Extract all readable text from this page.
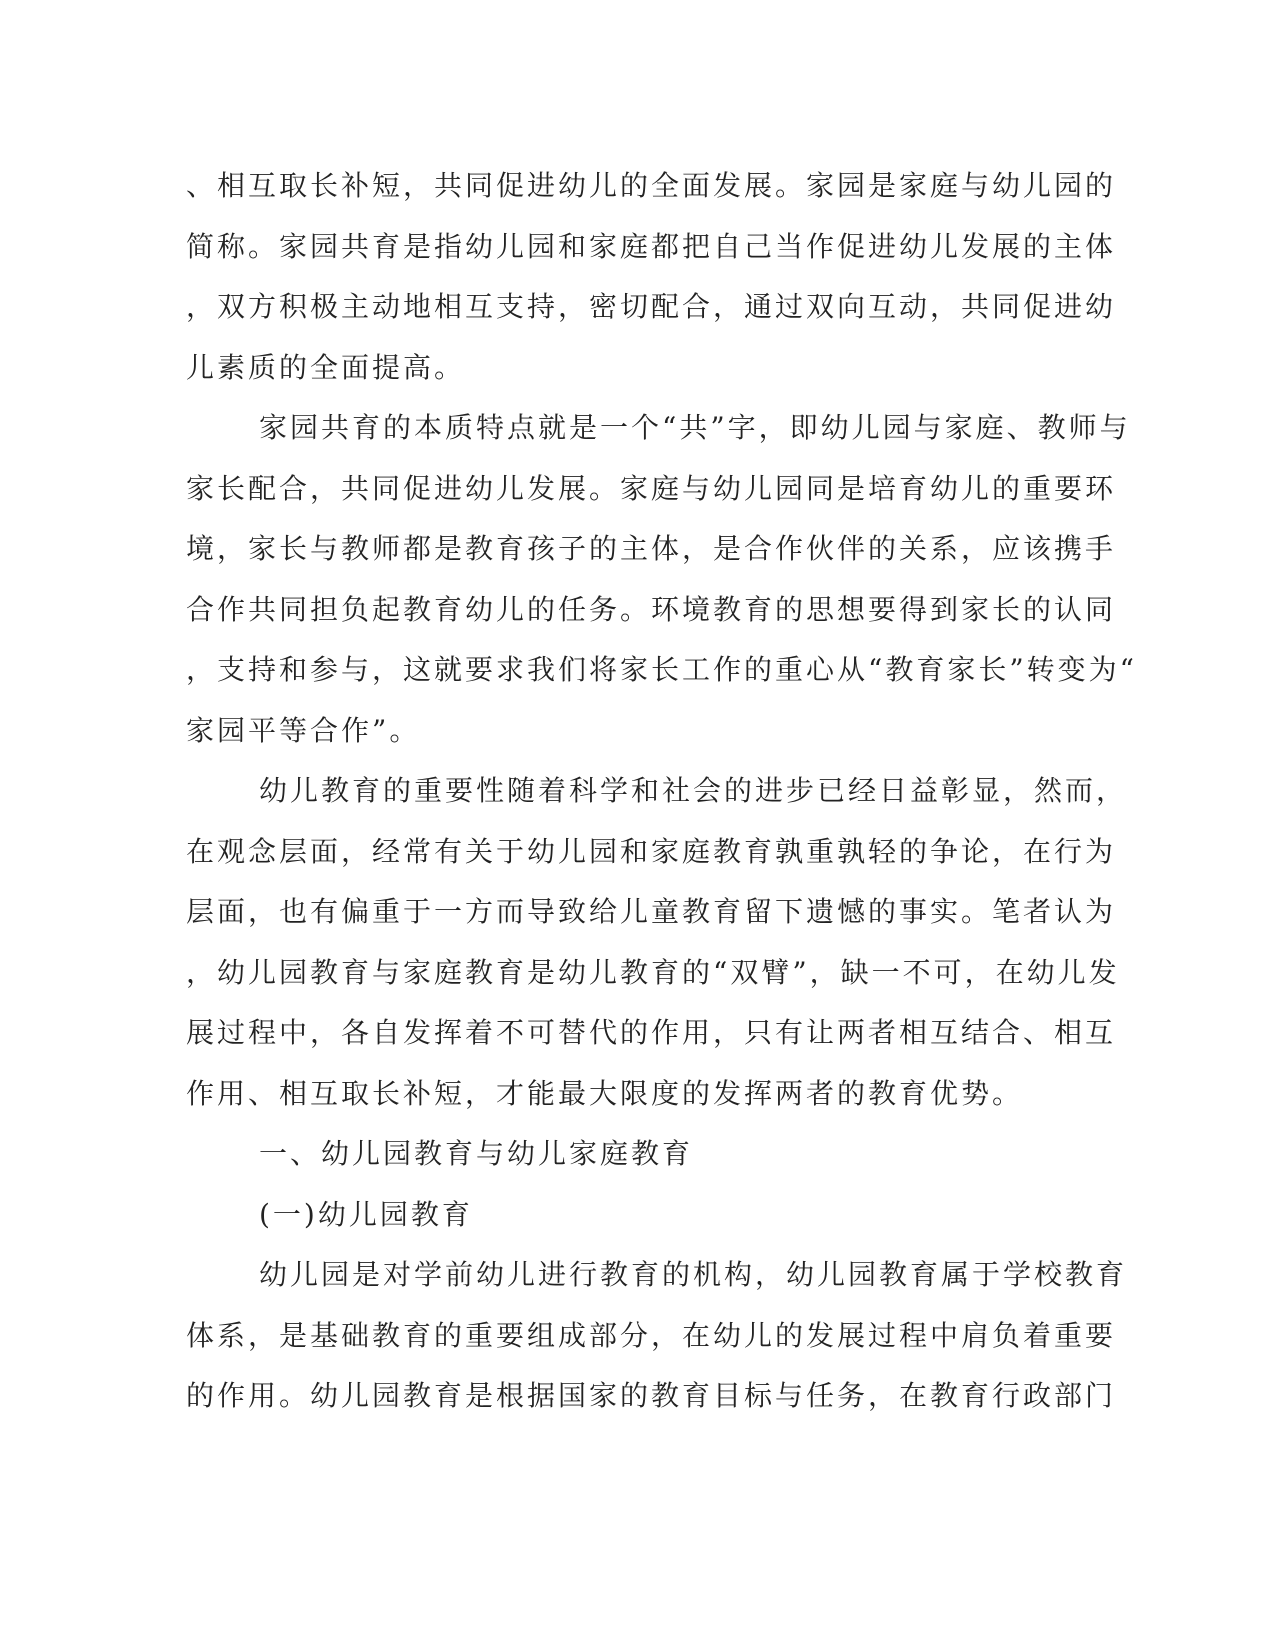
、相互取长补短，共同促进幼儿的全面发展。家园是家庭与幼儿园的
简称。家园共育是指幼儿园和家庭都把自己当作促进幼儿发展的主体
，双方积极主动地相互支持，密切配合，通过双向互动，共同促进幼
儿素质的全面提高。
家园共育的本质特点就是一个“共”字，即幼儿园与家庭、教师与
家长配合，共同促进幼儿发展。家庭与幼儿园同是培育幼儿的重要环
境，家长与教师都是教育孩子的主体，是合作伙伴的关系，应该携手
合作共同担负起教育幼儿的任务。环境教育的思想要得到家长的认同
，支持和参与，这就要求我们将家长工作的重心从“教育家长”转变为“
家园平等合作”。
幼儿教育的重要性随着科学和社会的进步已经日益彰显，然而，
在观念层面，经常有关于幼儿园和家庭教育孰重孰轻的争论，在行为
层面，也有偏重于一方而导致给儿童教育留下遗憾的事实。笔者认为
，幼儿园教育与家庭教育是幼儿教育的“双臂”，缺一不可，在幼儿发
展过程中，各自发挥着不可替代的作用，只有让两者相互结合、相互
作用、相互取长补短，才能最大限度的发挥两者的教育优势。
一、幼儿园教育与幼儿家庭教育
(一)幼儿园教育
幼儿园是对学前幼儿进行教育的机构，幼儿园教育属于学校教育
体系，是基础教育的重要组成部分，在幼儿的发展过程中肩负着重要
的作用。幼儿园教育是根据国家的教育目标与任务，在教育行政部门
